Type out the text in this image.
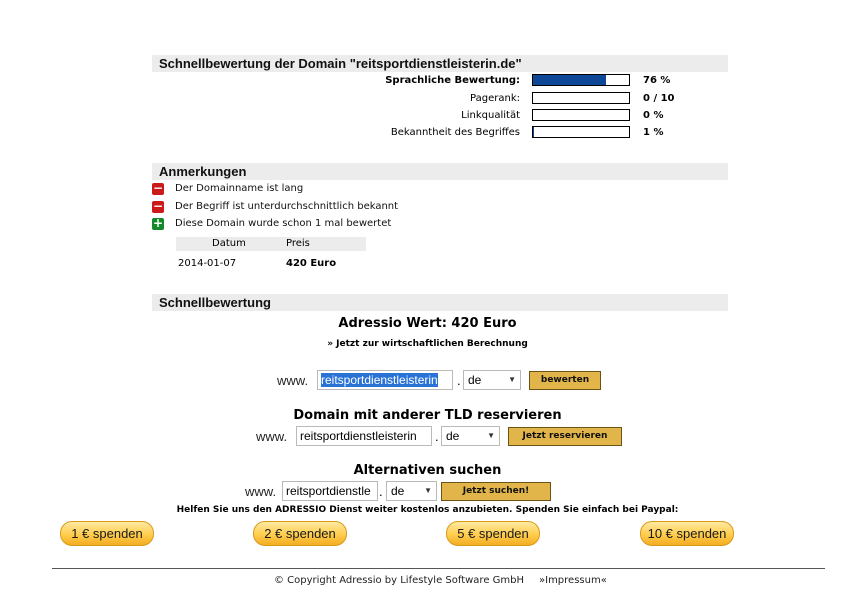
Schnellbewertung der Domain "reitsportdienstleisterin.de"
Sprachliche Bewertung:	76 %
Pagerank:	0 / 10
Linkqualität	0 %
Bekanntheit des Begriffes	1 %
Anmerkungen
− Der Domainname ist lang
− Der Begriff ist unterdurchschnittlich bekannt
+ Diese Domain wurde schon 1 mal bewertet
Datum	Preis
2014-01-07	420 Euro
Schnellbewertung
Adressio Wert: 420 Euro
» Jetzt zur wirtschaftlichen Berechnung
www.	reitsportdienstleisterin	. de	▼	bewerten
Domain mit anderer TLD reservieren
www.	reitsportdienstleisterin	. de	▼	Jetzt reservieren
Alternativen suchen
www. reitsportdienstle . de ▼	Jetzt suchen!
Helfen Sie uns den ADRESSIO Dienst weiter kostenlos anzubieten. Spenden Sie einfach bei Paypal:
1 € spenden	2 € spenden	5 € spenden	10 € spenden
© Copyright Adressio by Lifestyle Software GmbH »Impressum«
